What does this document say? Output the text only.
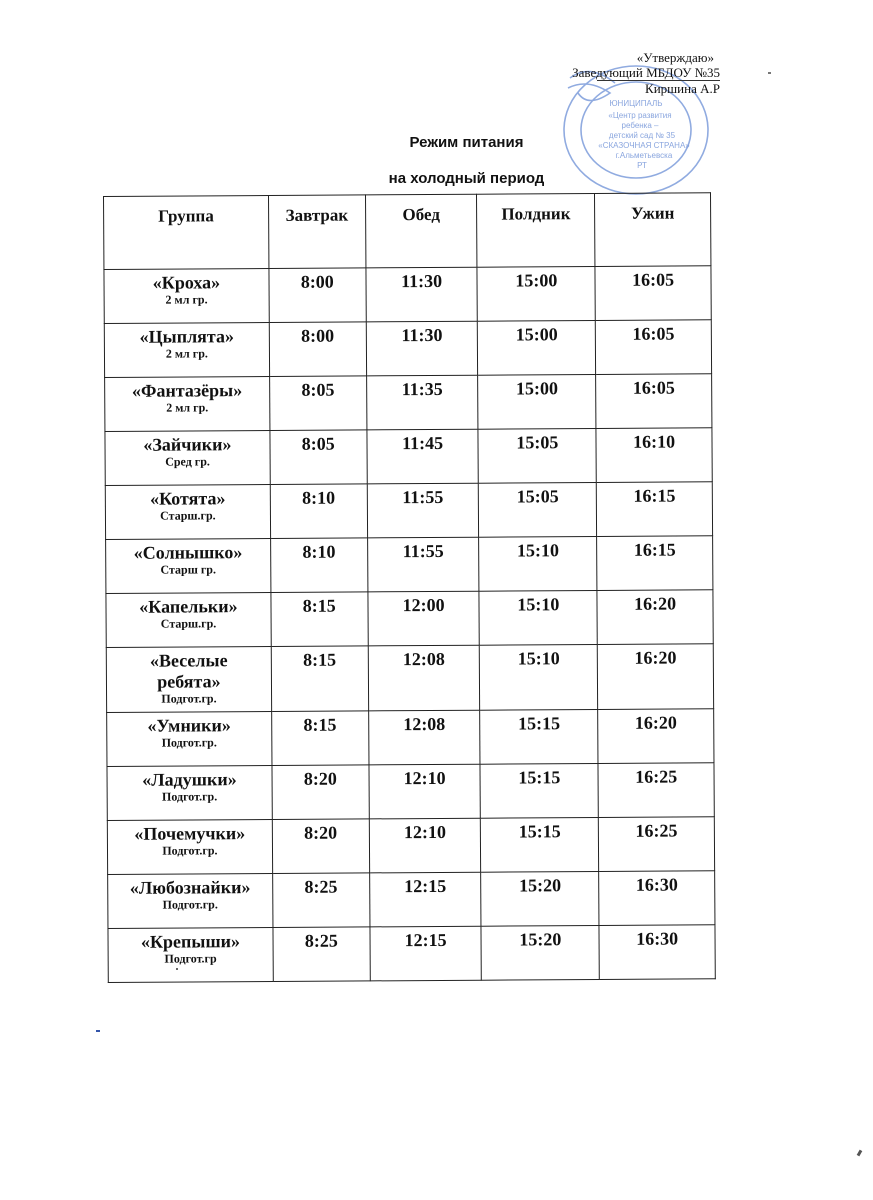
ЮНИЦИПАЛЬ
«Центр развития
ребенка –
детский сад № 35
«СКАЗОЧНАЯ СТРАНА»
г.Альметьевска
РТ
«Утверждаю»
Заведующий МБДОУ №35
Киршина А.Р
Режим питания
на холодный период
Группа	Завтрак	Обед	Полдник	Ужин

«Кроха»
2 мл гр.	8:00	11:30	15:00	16:05

«Цыплята»
2 мл гр.	8:00	11:30	15:00	16:05

«Фантазёры»
2 мл гр.	8:05	11:35	15:00	16:05

«Зайчики»
Сред гр.	8:05	11:45	15:05	16:10

«Котята»
Старш.гр.	8:10	11:55	15:05	16:15

«Солнышко»
Старш гр.	8:10	11:55	15:10	16:15

«Капельки»
Старш.гр.	8:15	12:00	15:10	16:20

«Веселые ребята»
Подгот.гр.	8:15	12:08	15:10	16:20

«Умники»
Подгот.гр.	8:15	12:08	15:15	16:20

«Ладушки»
Подгот.гр.	8:20	12:10	15:15	16:25

«Почемучки»
Подгот.гр.	8:20	12:10	15:15	16:25

«Любознайки»
Подгот.гр.	8:25	12:15	15:20	16:30

«Крепыши»
Подгот.гр	8:25	12:15	15:20	16:30
